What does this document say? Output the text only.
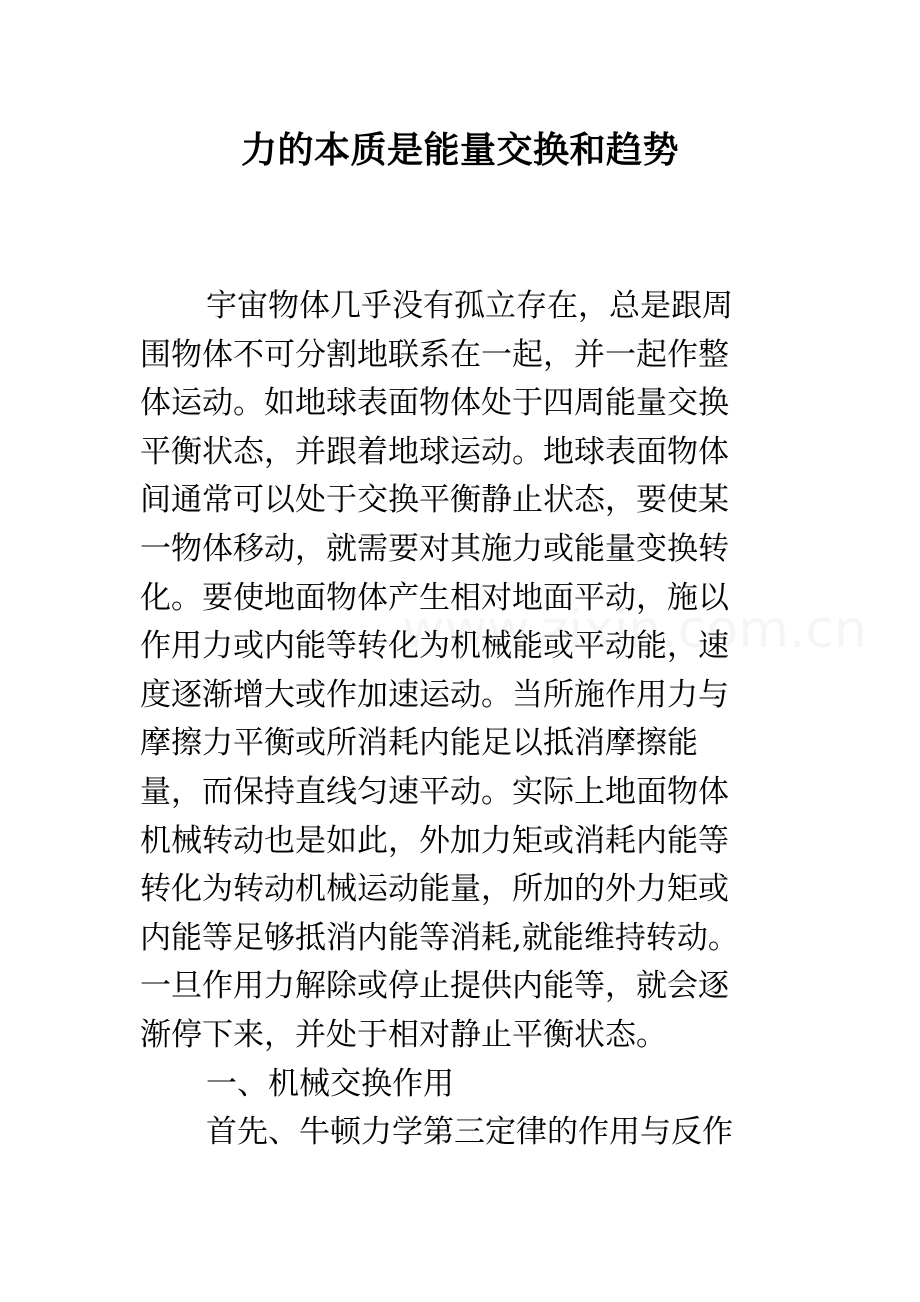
力的本质是能量交换和趋势
宇宙物体几乎没有孤立存在，总是跟周
围物体不可分割地联系在一起，并一起作整
体运动。如地球表面物体处于四周能量交换
平衡状态，并跟着地球运动。地球表面物体
间通常可以处于交换平衡静止状态，要使某
一物体移动，就需要对其施力或能量变换转
化。要使地面物体产生相对地面平动，施以
作用力或内能等转化为机械能或平动能，速
度逐渐增大或作加速运动。当所施作用力与
摩擦力平衡或所消耗内能足以抵消摩擦能
量，而保持直线匀速平动。实际上地面物体
机械转动也是如此，外加力矩或消耗内能等
转化为转动机械运动能量，所加的外力矩或
内能等足够抵消内能等消耗,就能维持转动。
一旦作用力解除或停止提供内能等，就会逐
渐停下来，并处于相对静止平衡状态。
一、机械交换作用
首先、牛顿力学第三定律的作用与反作
